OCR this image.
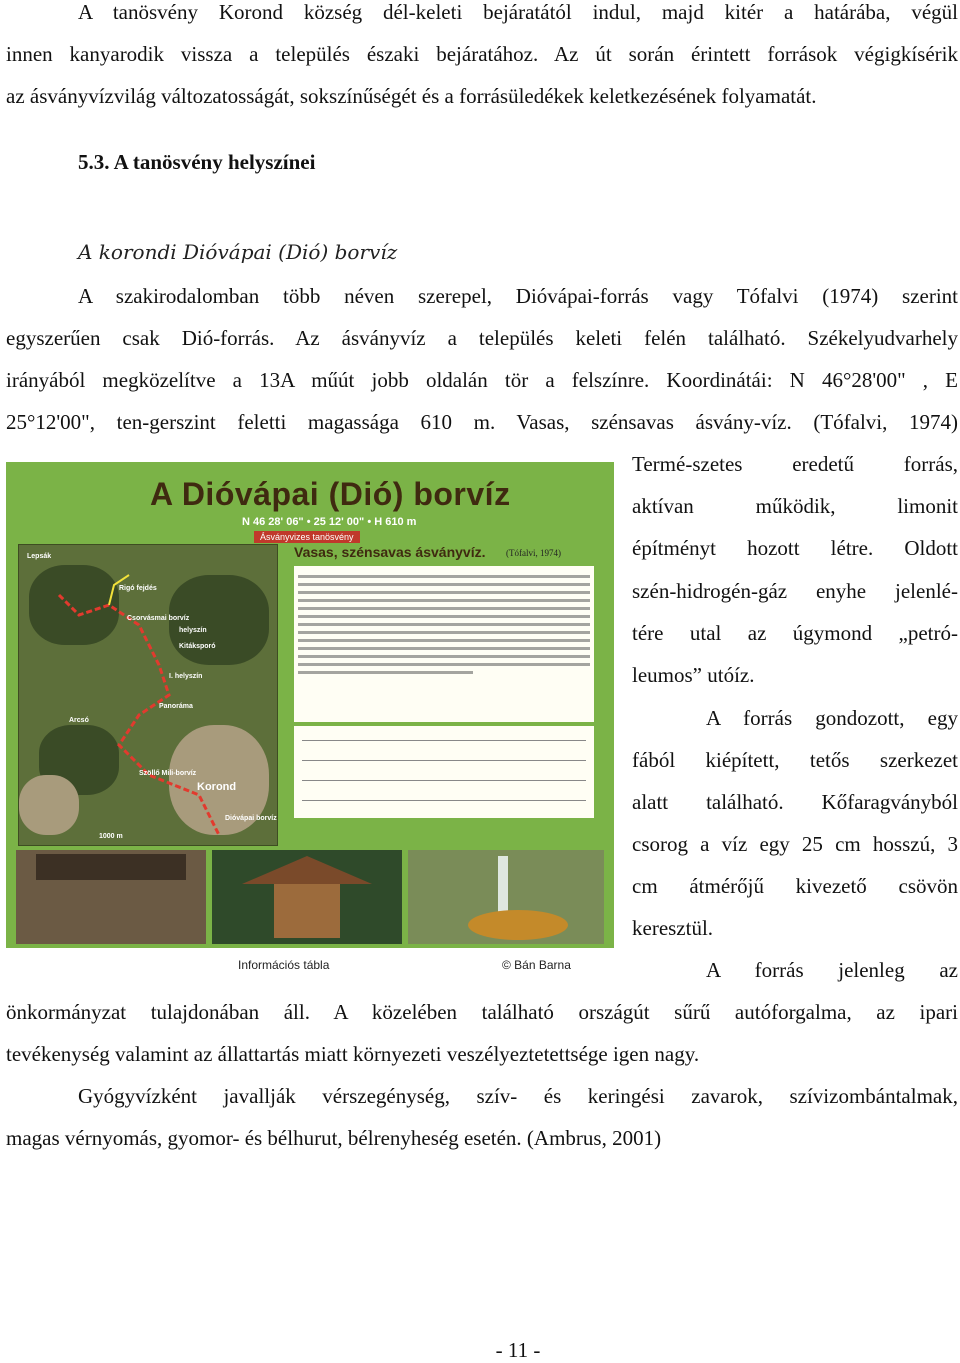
A tanösvény Korond község dél-keleti bejáratától indul, majd kitér a határába, végül
innen kanyarodik vissza a település északi bejáratához. Az út során érintett források végigkísérik
az ásványvízvilág változatosságát, sokszínűségét és a forrásüledékek keletkezésének folyamatát.
5.3. A tanösvény helyszínei
A korondi Dióvápai (Dió) borvíz
A szakirodalomban több néven szerepel, Dióvápai-forrás vagy Tófalvi (1974) szerint
egyszerűen csak Dió-forrás. Az ásványvíz a település keleti felén található. Székelyudvarhely
irányából megközelítve a 13A műút jobb oldalán tör a felszínre. Koordinátái: N 46°28'00" , E
25°12'00", ten-gerszint feletti magassága 610 m. Vasas, szénsavas ásvány-víz. (Tófalvi, 1974)
A Dióvápai (Dió) borvíz
N 46 28' 06" • 25 12' 00" • H 610 m
Ásványvizes tanösvény
Lepsák
Rigó fejdés
Csorvásmai borvíz
helyszín
Kitáksporó
I. helyszín
Panoráma
Arcsó
Szöllő Mili-borvíz
Korond
Dióvápai borvíz
1000 m
Vasas, szénsavas ásványvíz. (Tófalvi, 1974)
Információs tábla	© Bán Barna
Termé-szetes eredetű forrás,
aktívan működik, limonit
építményt hozott létre. Oldott
szén-hidrogén-gáz enyhe jelenlé-
tére utal az úgymond „petró-
leumos” utóíz.
A forrás gondozott, egy
fából kiépített, tetős szerkezet
alatt található. Kőfaragványból
csorog a víz egy 25 cm hosszú, 3
cm átmérőjű kivezető csövön
keresztül.
A forrás jelenleg az
önkormányzat tulajdonában áll. A közelében található országút sűrű autóforgalma, az ipari
tevékenység valamint az állattartás miatt környezeti veszélyeztetettsége igen nagy.
Gyógyvízként javallják vérszegénység, szív- és keringési zavarok, szívizombántalmak,
magas vérnyomás, gyomor- és bélhurut, bélrenyheség esetén. (Ambrus, 2001)
- 11 -
